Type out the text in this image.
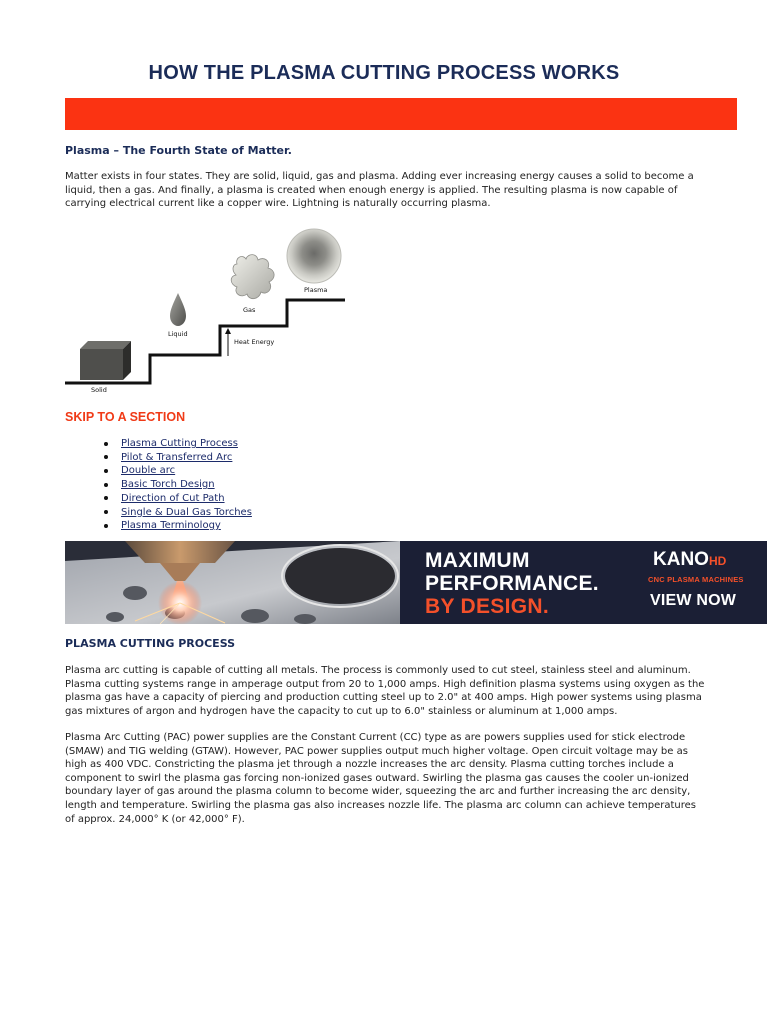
HOW THE PLASMA CUTTING PROCESS WORKS
Plasma – The Fourth State of Matter.

Matter exists in four states. They are solid, liquid, gas and plasma. Adding ever increasing energy causes a solid to become a liquid, then a gas. And finally, a plasma is created when enough energy is applied. The resulting plasma is now capable of carrying electrical current like a copper wire. Lightning is naturally occurring plasma.

Solid
Liquid
Gas
Heat Energy
Plasma
SKIP TO A SECTION
Plasma Cutting Process
Pilot & Transferred Arc
Double arc
Basic Torch Design
Direction of Cut Path
Single & Dual Gas Torches
Plasma Terminology
MAXIMUM
PERFORMANCE.
BY DESIGN.
KANOHD
CNC PLASMA MACHINES
VIEW NOW
PLASMA CUTTING PROCESS

Plasma arc cutting is capable of cutting all metals. The process is commonly used to cut steel, stainless steel and aluminum. Plasma cutting systems range in amperage output from 20 to 1,000 amps. High definition plasma systems using oxygen as the plasma gas have a capacity of piercing and production cutting steel up to 2.0" at 400 amps. High power systems using plasma gas mixtures of argon and hydrogen have the capacity to cut up to 6.0" stainless or aluminum at 1,000 amps.

Plasma Arc Cutting (PAC) power supplies are the Constant Current (CC) type as are powers supplies used for stick electrode (SMAW) and TIG welding (GTAW). However, PAC power supplies output much higher voltage. Open circuit voltage may be as high as 400 VDC. Constricting the plasma jet through a nozzle increases the arc density. Plasma cutting torches include a component to swirl the plasma gas forcing non-ionized gases outward. Swirling the plasma gas causes the cooler un-ionized boundary layer of gas around the plasma column to become wider, squeezing the arc and further increasing the arc density, length and temperature. Swirling the plasma gas also increases nozzle life. The plasma arc column can achieve temperatures of approx. 24,000° K (or 42,000° F).
